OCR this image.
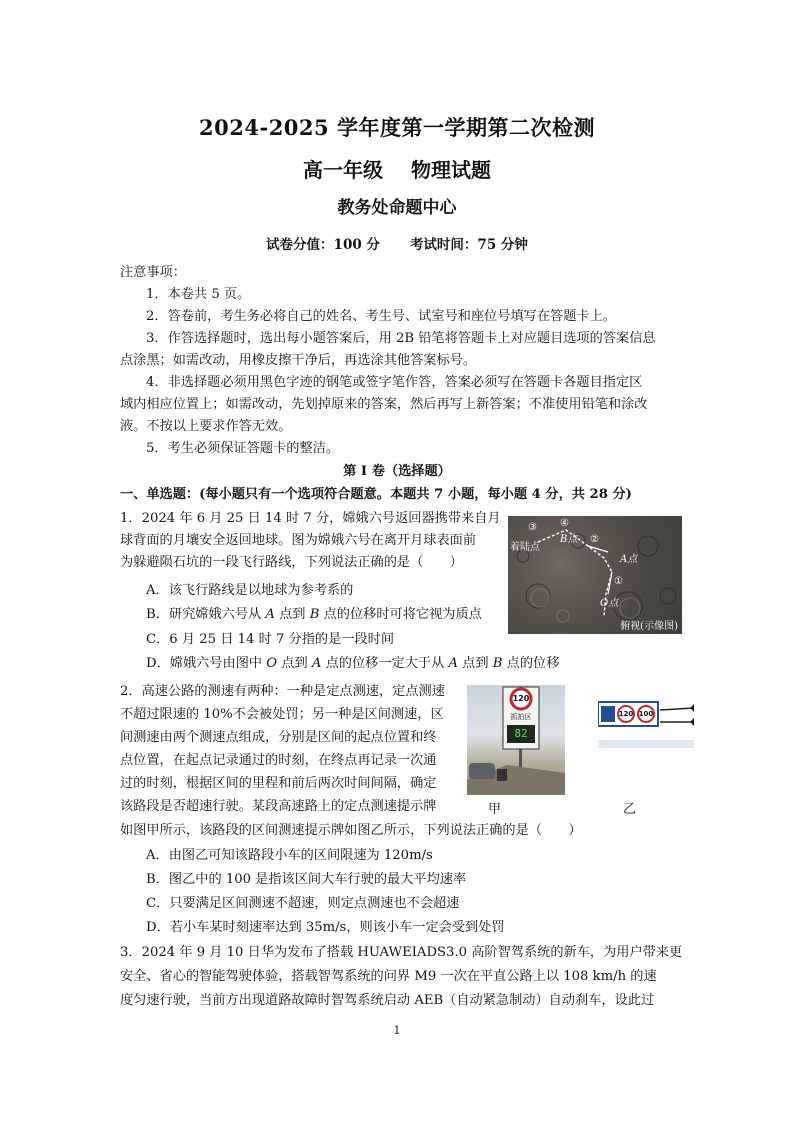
2024-2025 学年度第一学期第二次检测
高一年级 物理试题
教务处命题中心
试卷分值：100 分 考试时间：75 分钟
注意事项：
1．本卷共 5 页。
2．答卷前，考生务必将自己的姓名、考生号、试室号和座位号填写在答题卡上。
3．作答选择题时，选出每小题答案后，用 2B 铅笔将答题卡上对应题目选项的答案信息
点涂黑；如需改动，用橡皮擦干净后，再选涂其他答案标号。
4．非选择题必须用黑色字迹的钢笔或签字笔作答，答案必须写在答题卡各题目指定区
域内相应位置上；如需改动，先划掉原来的答案，然后再写上新答案；不准使用铅笔和涂改
液。不按以上要求作答无效。
5．考生必须保证答题卡的整洁。
第 I 卷（选择题）
一、单选题：(每小题只有一个选项符合题意。本题共 7 小题，每小题 4 分，共 28 分)
1．2024 年 6 月 25 日 14 时 7 分，嫦娥六号返回器携带来自月
球背面的月壤安全返回地球。图为嫦娥六号在离开月球表面前
为躲避陨石坑的一段飞行路线，下列说法正确的是（　　）
A．该飞行路线是以地球为参考系的
B．研究嫦娥六号从 A 点到 B 点的位移时可将它视为质点
C．6 月 25 日 14 时 7 分指的是一段时间
D．嫦娥六号由图中 O 点到 A 点的位移一定大于从 A 点到 B 点的位移
着陆点
③ ④
B点 ②
A点
①
O点
俯视(示像图)
2．高速公路的测速有两种：一种是定点测速，定点测速
不超过限速的 10%不会被处罚；另一种是区间测速，区
间测速由两个测速点组成，分别是区间的起点位置和终
点位置，在起点记录通过的时刻，在终点再记录一次通
过的时刻，根据区间的里程和前后两次时间间隔，确定
该路段是否超速行驶。某段高速路上的定点测速提示牌
如图甲所示，该路段的区间测速提示牌如图乙所示，下列说法正确的是（　　）
A．由图乙可知该路段小车的区间限速为 120m/s
B．图乙中的 100 是指该区间大车行驶的最大平均速率
C．只要满足区间测速不超速，则定点测速也不会超速
D．若小车某时刻速率达到 35m/s，则该小车一定会受到处罚
120
抓拍区
82
甲
120 100
乙
3．2024 年 9 月 10 日华为发布了搭载 HUAWEIADS3.0 高阶智驾系统的新车，为用户带来更
安全、省心的智能驾驶体验，搭载智驾系统的问界 M9 一次在平直公路上以 108 km/h 的速
度匀速行驶，当前方出现道路故障时智驾系统启动 AEB（自动紧急制动）自动刹车，设此过
1
